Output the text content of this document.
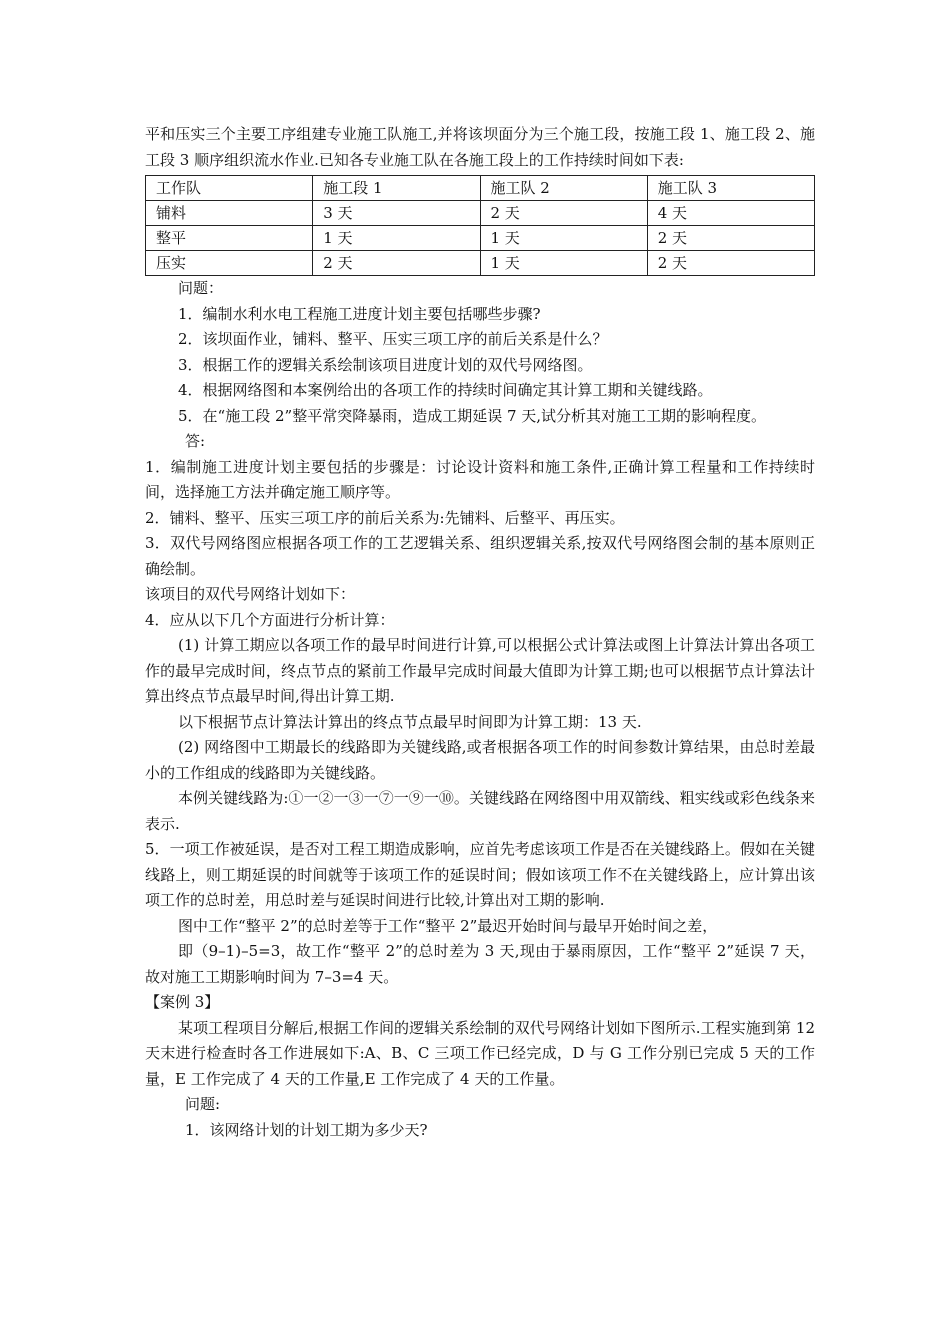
平和压实三个主要工序组建专业施工队施工,并将该坝面分为三个施工段，按施工段 1、施工段 2、施工段 3 顺序组织流水作业.已知各专业施工队在各施工段上的工作持续时间如下表:

工作队	施工段 1	施工队 2	施工队 3
铺料	3 天	2 天	4 天
整平	1 天	1 天	2 天
压实	2 天	1 天	2 天

问题：

1．编制水利水电工程施工进度计划主要包括哪些步骤?

2．该坝面作业，铺料、整平、压实三项工序的前后关系是什么？

3．根据工作的逻辑关系绘制该项目进度计划的双代号网络图。

4．根据网络图和本案例给出的各项工作的持续时间确定其计算工期和关键线路。

5．在“施工段 2”整平常突降暴雨，造成工期延误 7 天,试分析其对施工工期的影响程度。

答:

1．编制施工进度计划主要包括的步骤是：讨论设计资料和施工条件,正确计算工程量和工作持续时间，选择施工方法并确定施工顺序等。

2．铺料、整平、压实三项工序的前后关系为:先铺料、后整平、再压实。

3．双代号网络图应根据各项工作的工艺逻辑关系、组织逻辑关系,按双代号网络图会制的基本原则正确绘制。

该项目的双代号网络计划如下：

4．应从以下几个方面进行分析计算：

(1) 计算工期应以各项工作的最早时间进行计算,可以根据公式计算法或图上计算法计算出各项工作的最早完成时间，终点节点的紧前工作最早完成时间最大值即为计算工期;也可以根据节点计算法计算出终点节点最早时间,得出计算工期.

以下根据节点计算法计算出的终点节点最早时间即为计算工期：13 天.

(2) 网络图中工期最长的线路即为关键线路,或者根据各项工作的时间参数计算结果，由总时差最小的工作组成的线路即为关键线路。

本例关键线路为:①一②一③一⑦一⑨一⑩。关键线路在网络图中用双箭线、粗实线或彩色线条来表示.

5．一项工作被延误，是否对工程工期造成影响，应首先考虑该项工作是否在关键线路上。假如在关键线路上，则工期延误的时间就等于该项工作的延误时间；假如该项工作不在关键线路上，应计算出该项工作的总时差，用总时差与延误时间进行比较,计算出对工期的影响.

图中工作“整平 2”的总时差等于工作“整平 2”最迟开始时间与最早开始时间之差，

即（9–1)–5=3，故工作“整平 2”的总时差为 3 天,现由于暴雨原因，工作“整平 2”延误 7 天，故对施工工期影响时间为 7–3=4 天。

【案例 3】

某项工程项目分解后,根据工作间的逻辑关系绘制的双代号网络计划如下图所示.工程实施到第 12 天末进行检查时各工作进展如下:A、B、C 三项工作已经完成，D 与 G 工作分别已完成 5 天的工作量，E 工作完成了 4 天的工作量,E 工作完成了 4 天的工作量。

问题:

1．该网络计划的计划工期为多少天?
